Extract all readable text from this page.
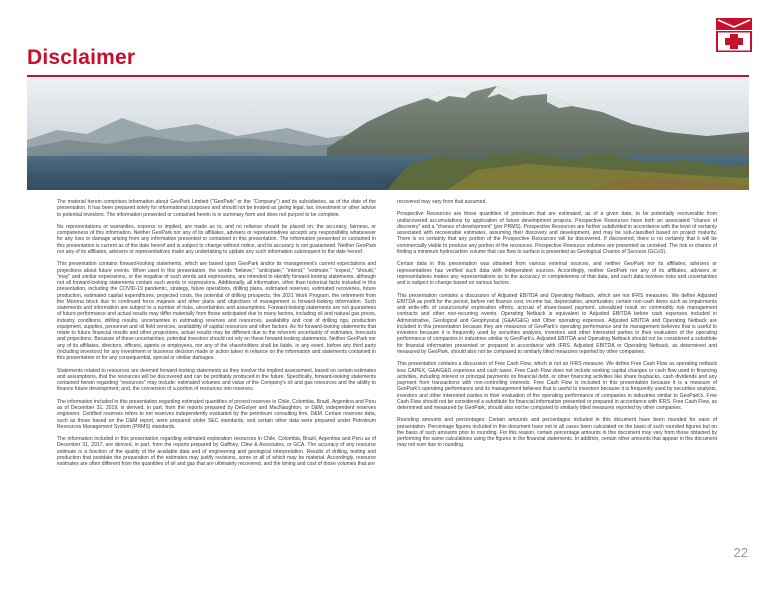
Disclaimer

The material herein comprises information about GeoPark Limited ("GeoPark" or the "Company") and its subsidiaries, as of the date of the presentation. It has been prepared solely for informational purposes and should not be treated as giving legal, tax, investment or other advice to potential investors. The information presented or contained herein is in summary form and does not purport to be complete.

No representations or warranties, express or implied, are made as to, and no reliance should be placed on, the accuracy, fairness, or completeness of this information. Neither GeoPark nor any of its affiliates, advisers or representatives accepts any responsibility whatsoever for any loss or damage arising from any information presented or contained in this presentation. The information presented or contained in this presentation is current as of the date hereof and is subject to change without notice, and its accuracy is not guaranteed. Neither GeoPark nor any of its affiliates, advisers or representatives make any undertaking to update any such information subsequent to the date hereof.

This presentation contains forward-looking statements, which are based upon GeoPark and/or its management's current expectations and projections about future events. When used in this presentation, the words "believe," "anticipate," "intend," "estimate," "expect," "should," "may" and similar expressions, or the negative of such words and expressions, are intended to identify forward-looking statements, although not all forward-looking statements contain such words or expressions. Additionally, all information, other than historical facts included in this presentation, including the COVID-19 pandemic, strategy, future operations, drilling plans, estimated reserves, estimated recoveries, future production, estimated capital expenditures, projected costs, the potential of drilling prospects, the 2021 Work Program, the retirement from the Morona block due to continued force majeure and other plans and objectives of management is forward-looking information. Such statements and information are subject to a number of risks, uncertainties and assumptions. Forward-looking statements are not guarantees of future performance and actual results may differ materially from those anticipated due to many factors, including oil and natural gas prices, industry conditions, drilling results, uncertainties in estimating reserves and resources, availability and cost of drilling rigs, production equipment, supplies, personnel and oil field services, availability of capital resources and other factors. As for forward-looking statements that relate to future financial results and other projections, actual results may be different due to the inherent uncertainty of estimates, forecasts and projections. Because of these uncertainties, potential investors should not rely on these forward-looking statements. Neither GeoPark nor any of its affiliates, directors, officers, agents or employees, nor any of the shareholders shall be liable, in any event, before any third party (including investors) for any investment or business decision made or action taken in reliance on the information and statements contained in this presentation or for any consequential, special or similar damages.

Statements related to resources are deemed forward-looking statements as they involve the implied assessment, based on certain estimates and assumptions, that the resources will be discovered and can be profitably produced in the future. Specifically, forward-looking statements contained herein regarding "resources" may include: estimated volumes and value of the Company's oil and gas resources and the ability to finance future development; and, the conversion of a portion of resources into reserves.

The information included in this presentation regarding estimated quantities of proved reserves in Chile, Colombia, Brazil, Argentina and Peru as of December 31, 2019, is derived, in part, from the reports prepared by DeGolyer and MacNaughton, or D&M, independent reserves engineers. Certified reserves refers to net reserves independently evaluated by the petroleum consulting firm, D&M. Certain reserves data, such as those based on the D&M report, were prepared under SEC standards, and certain other data were prepared under Petroleum Resources Management System (PRMS) standards.

The information included in this presentation regarding estimated exploration resources in Chile, Colombia, Brazil, Argentina and Peru as of December 31, 2017, are derived, in part, from the reports prepared by Gaffney, Cline & Associates, or GCA. The accuracy of any resource estimate is a function of the quality of the available data and of engineering and geological interpretation. Results of drilling, testing and production that postdate the preparation of the estimates may justify revisions, some or all of which may be material. Accordingly, resource estimates are often different from the quantities of oil and gas that are ultimately recovered, and the timing and cost of those volumes that are

recovered may vary from that assumed.

Prospective Resources are those quantities of petroleum that are estimated, as of a given date, to be potentially recoverable from undiscovered accumulations by application of future development projects. Prospective Resources have both an associated "chance of discovery" and a "chance of development" (per PRMS). Prospective Resources are further subdivided in accordance with the level of certainty associated with recoverable estimates, assuming their discovery and development, and may be sub-classified based on project maturity. There is no certainty that any portion of the Prospective Resources will be discovered. If discovered, there is no certainty that it will be commercially viable to produce any portion of the resources. Prospective Resource volumes are presented as unrisked. The risk or chance of finding a minimum hydrocarbon volume that can flow to surface is presented as Geological Chance of Success (GCoS).

Certain data in this presentation was obtained from various external sources, and neither GeoPark nor its affiliates, advisers or representatives has verified such data with independent sources. Accordingly, neither GeoPark nor any of its affiliates, advisers or representatives makes any representations as to the accuracy or completeness of that data, and such data involves risks and uncertainties and is subject to change based on various factors.

This presentation contains a discussion of Adjusted EBITDA and Operating Netback, which are not IFRS measures. We define Adjusted EBITDA as profit for the period, before net finance cost, income tax, depreciation, amortization, certain non-cash items such as impairments and write-offs of unsuccessful exploration efforts, accrual of share-based payment, unrealized result on commodity risk management contracts and other non-recurring events. Operating Netback is equivalent to Adjusted EBITDA before cash expenses included in Administrative, Geological and Geophysical (G&A/G&G) and Other operating expenses. Adjusted EBITDA and Operating Netback are included in this presentation because they are measures of GeoPark's operating performance and its management believes that is useful to investors because it is frequently used by securities analysts, investors and other interested parties in their evaluation of the operating performance of companies in industries similar to GeoPark's. Adjusted EBITDA and Operating Netback should not be considered a substitute for financial information presented or prepared in accordance with IFRS. Adjusted EBITDA or Operating Netback, as determined and measured by GeoPark, should also not be compared to similarly titled measures reported by other companies.

This presentation contains a discussion of Free Cash Flow, which is not an IFRS measure. We define Free Cash Flow as operating netback less CAPEX, G&A/G&G expenses and cash taxes. Free Cash Flow does not include working capital changes or cash flow used in financing activities, including interest or principal payments on financial debt, or other financing activities like share buybacks, cash dividends and any payment from transactions with non-controlling interests. Free Cash Flow is included in this presentation because it is a measure of GeoPark's operating performance and its management believes that is useful to investors because it is frequently used by securities analysts, investors and other interested parties in their evaluation of the operating performance of companies in industries similar to GeoPark's. Free Cash Flow should not be considered a substitute for financial information presented or prepared in accordance with IFRS. Free Cash Flow, as determined and measured by GeoPark, should also not be compared to similarly titled measures reported by other companies.

Rounding amounts and percentages: Certain amounts and percentages included in this document have been rounded for ease of presentation. Percentage figures included in this document have not in all cases been calculated on the basis of such rounded figures but on the basis of such amounts prior to rounding. For this reason, certain percentage amounts in this document may vary from those obtained by performing the same calculations using the figures in the financial statements. In addition, certain other amounts that appear in this document may not sum due to rounding.

22
